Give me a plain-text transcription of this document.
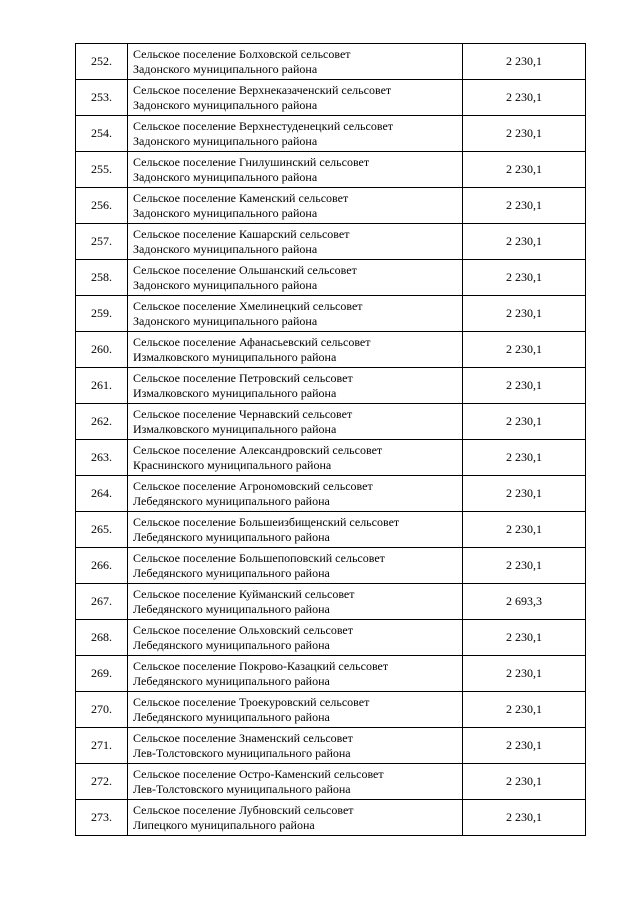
252.	Сельское поселение Болховской сельсовет
Задонского муниципального района	2 230,1
253.	Сельское поселение Верхнеказаченский сельсовет
Задонского муниципального района	2 230,1
254.	Сельское поселение Верхнестуденецкий сельсовет
Задонского муниципального района	2 230,1
255.	Сельское поселение Гнилушинский сельсовет
Задонского муниципального района	2 230,1
256.	Сельское поселение Каменский сельсовет
Задонского муниципального района	2 230,1
257.	Сельское поселение Кашарский сельсовет
Задонского муниципального района	2 230,1
258.	Сельское поселение Ольшанский сельсовет
Задонского муниципального района	2 230,1
259.	Сельское поселение Хмелинецкий сельсовет
Задонского муниципального района	2 230,1
260.	Сельское поселение Афанасьевский сельсовет
Измалковского муниципального района	2 230,1
261.	Сельское поселение Петровский сельсовет
Измалковского муниципального района	2 230,1
262.	Сельское поселение Чернавский сельсовет
Измалковского муниципального района	2 230,1
263.	Сельское поселение Александровский сельсовет
Краснинского муниципального района	2 230,1
264.	Сельское поселение Агрономовский сельсовет
Лебедянского муниципального района	2 230,1
265.	Сельское поселение Большеизбищенский сельсовет
Лебедянского муниципального района	2 230,1
266.	Сельское поселение Большепоповский сельсовет
Лебедянского муниципального района	2 230,1
267.	Сельское поселение Куйманский сельсовет
Лебедянского муниципального района	2 693,3
268.	Сельское поселение Ольховский сельсовет
Лебедянского муниципального района	2 230,1
269.	Сельское поселение Покрово-Казацкий сельсовет
Лебедянского муниципального района	2 230,1
270.	Сельское поселение Троекуровский сельсовет
Лебедянского муниципального района	2 230,1
271.	Сельское поселение Знаменский сельсовет
Лев-Толстовского муниципального района	2 230,1
272.	Сельское поселение Остро-Каменский сельсовет
Лев-Толстовского муниципального района	2 230,1
273.	Сельское поселение Лубновский сельсовет
Липецкого муниципального района	2 230,1
